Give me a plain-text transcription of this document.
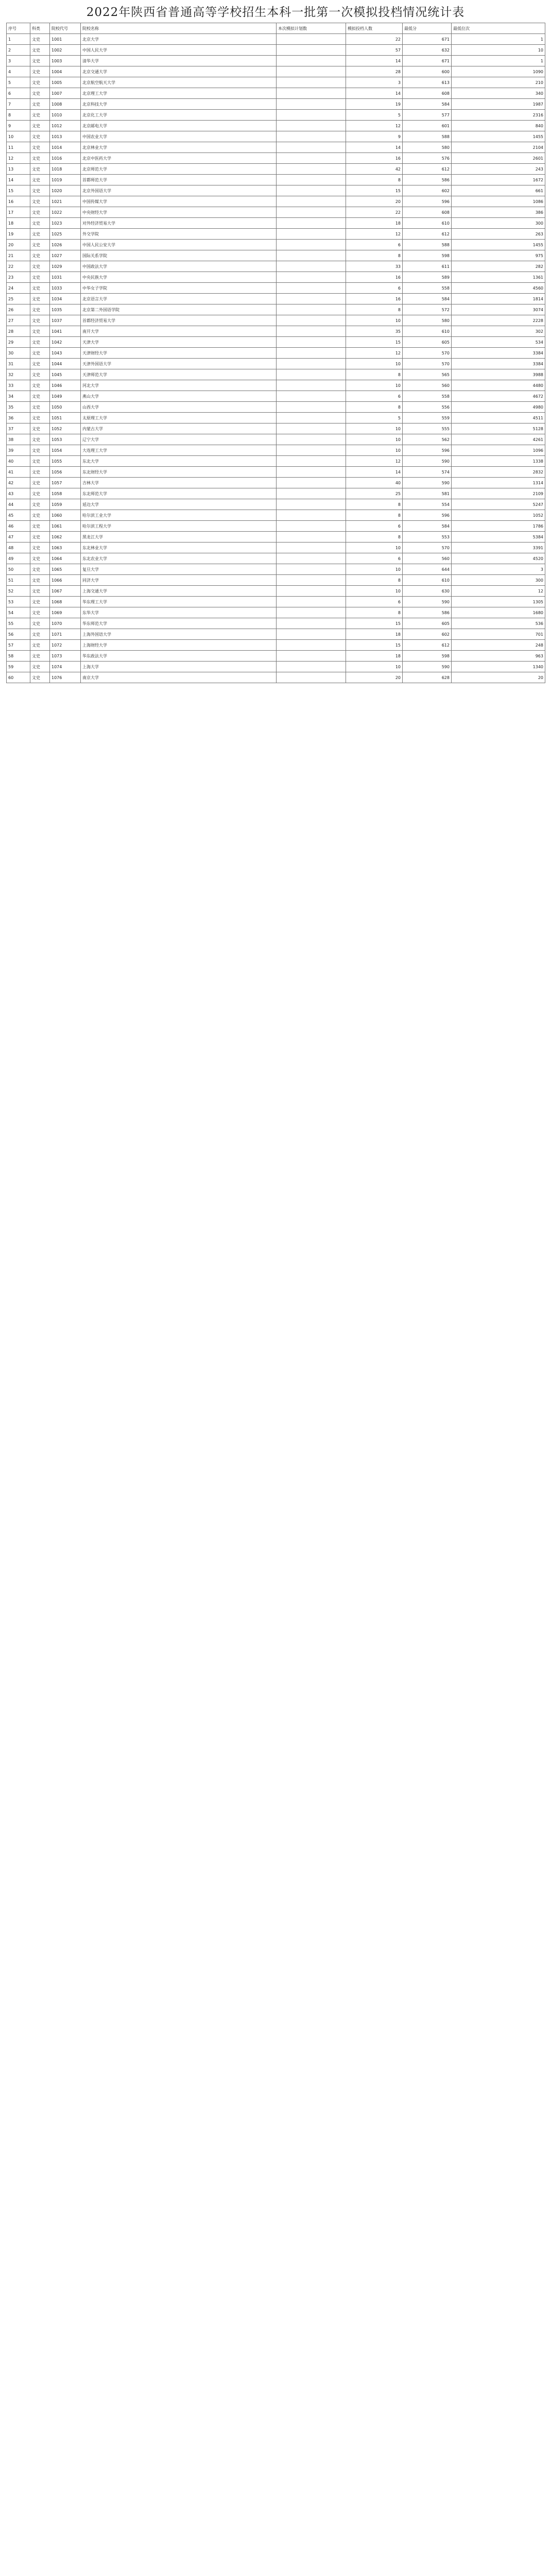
2022年陕西省普通高等学校招生本科一批第一次模拟投档情况统计表
序号	科类	院校代号	院校名称	本次模拟计划数	模拟投档人数	最低分	最低位次
1	文史	1001	北京大学		22	671	1
2	文史	1002	中国人民大学		57	632	10
3	文史	1003	清华大学		14	671	1
4	文史	1004	北京交通大学		28	600	1090
5	文史	1005	北京航空航天大学		3	613	210
6	文史	1007	北京理工大学		14	608	340
7	文史	1008	北京科技大学		19	584	1987
8	文史	1010	北京化工大学		5	577	2316
9	文史	1012	北京邮电大学		12	601	840
10	文史	1013	中国农业大学		9	588	1455
11	文史	1014	北京林业大学		14	580	2104
12	文史	1016	北京中医药大学		16	576	2601
13	文史	1018	北京师范大学		42	612	243
14	文史	1019	首都师范大学		8	586	1672
15	文史	1020	北京外国语大学		15	602	661
16	文史	1021	中国传媒大学		20	596	1086
17	文史	1022	中央财经大学		22	608	386
18	文史	1023	对外经济贸易大学		18	610	300
19	文史	1025	外交学院		12	612	263
20	文史	1026	中国人民公安大学		6	588	1455
21	文史	1027	国际关系学院		8	598	975
22	文史	1029	中国政法大学		33	611	282
23	文史	1031	中央民族大学		16	589	1361
24	文史	1033	中华女子学院		6	558	4560
25	文史	1034	北京语言大学		16	584	1814
26	文史	1035	北京第二外国语学院		8	572	3074
27	文史	1037	首都经济贸易大学		10	580	2228
28	文史	1041	南开大学		35	610	302
29	文史	1042	天津大学		15	605	534
30	文史	1043	天津财经大学		12	570	3384
31	文史	1044	天津外国语大学		10	570	3384
32	文史	1045	天津师范大学		8	565	3988
33	文史	1046	河北大学		10	560	4480
34	文史	1049	燕山大学		6	558	4672
35	文史	1050	山西大学		8	556	4980
36	文史	1051	太原理工大学		5	559	4511
37	文史	1052	内蒙古大学		10	555	5128
38	文史	1053	辽宁大学		10	562	4261
39	文史	1054	大连理工大学		10	596	1096
40	文史	1055	东北大学		12	590	1338
41	文史	1056	东北财经大学		14	574	2832
42	文史	1057	吉林大学		40	590	1314
43	文史	1058	东北师范大学		25	581	2109
44	文史	1059	延边大学		8	554	5247
45	文史	1060	哈尔滨工业大学		8	596	1052
46	文史	1061	哈尔滨工程大学		6	584	1786
47	文史	1062	黑龙江大学		8	553	5384
48	文史	1063	东北林业大学		10	570	3391
49	文史	1064	东北农业大学		6	560	4520
50	文史	1065	复旦大学		10	644	3
51	文史	1066	同济大学		8	610	300
52	文史	1067	上海交通大学		10	630	12
53	文史	1068	华东理工大学		6	590	1305
54	文史	1069	东华大学		8	586	1680
55	文史	1070	华东师范大学		15	605	536
56	文史	1071	上海外国语大学		18	602	701
57	文史	1072	上海财经大学		15	612	248
58	文史	1073	华东政法大学		18	598	963
59	文史	1074	上海大学		10	590	1340
60	文史	1076	南京大学		20	628	20
